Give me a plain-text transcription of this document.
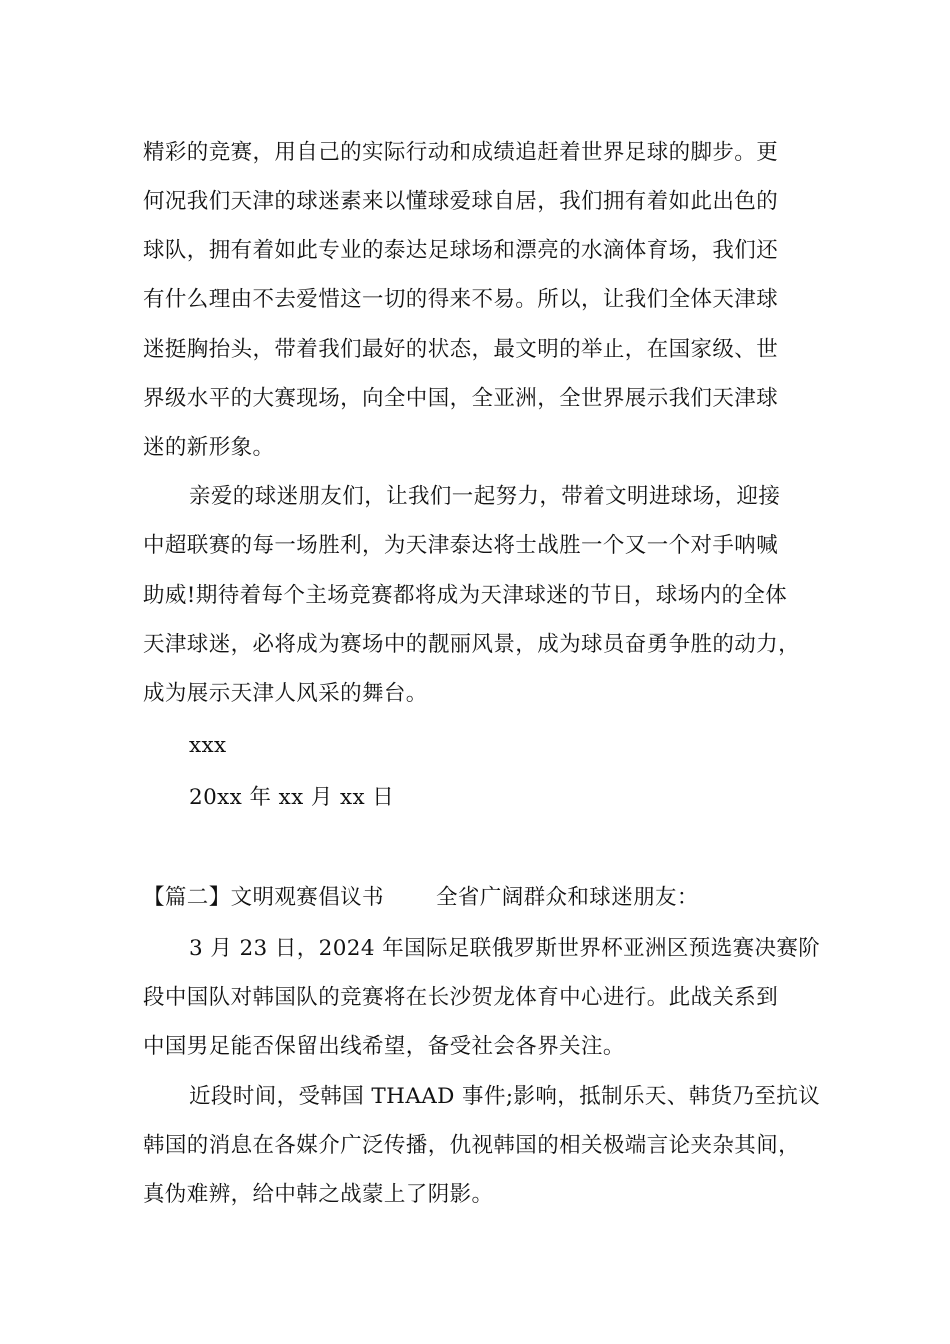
精彩的竞赛，用自己的实际行动和成绩追赶着世界足球的脚步。更
何况我们天津的球迷素来以懂球爱球自居，我们拥有着如此出色的
球队，拥有着如此专业的泰达足球场和漂亮的水滴体育场，我们还
有什么理由不去爱惜这一切的得来不易。所以，让我们全体天津球
迷挺胸抬头，带着我们最好的状态，最文明的举止，在国家级、世
界级水平的大赛现场，向全中国，全亚洲，全世界展示我们天津球
迷的新形象。
亲爱的球迷朋友们，让我们一起努力，带着文明进球场，迎接
中超联赛的每一场胜利，为天津泰达将士战胜一个又一个对手呐喊
助威!期待着每个主场竞赛都将成为天津球迷的节日，球场内的全体
天津球迷，必将成为赛场中的靓丽风景，成为球员奋勇争胜的动力，
成为展示天津人风采的舞台。
xxx
20xx 年 xx 月 xx 日
【篇二】文明观赛倡议书	全省广阔群众和球迷朋友：
3 月 23 日，2024 年国际足联俄罗斯世界杯亚洲区预选赛决赛阶
段中国队对韩国队的竞赛将在长沙贺龙体育中心进行。此战关系到
中国男足能否保留出线希望，备受社会各界关注。
近段时间，受韩国 THAAD 事件;影响，抵制乐天、韩货乃至抗议
韩国的消息在各媒介广泛传播，仇视韩国的相关极端言论夹杂其间，
真伪难辨，给中韩之战蒙上了阴影。
